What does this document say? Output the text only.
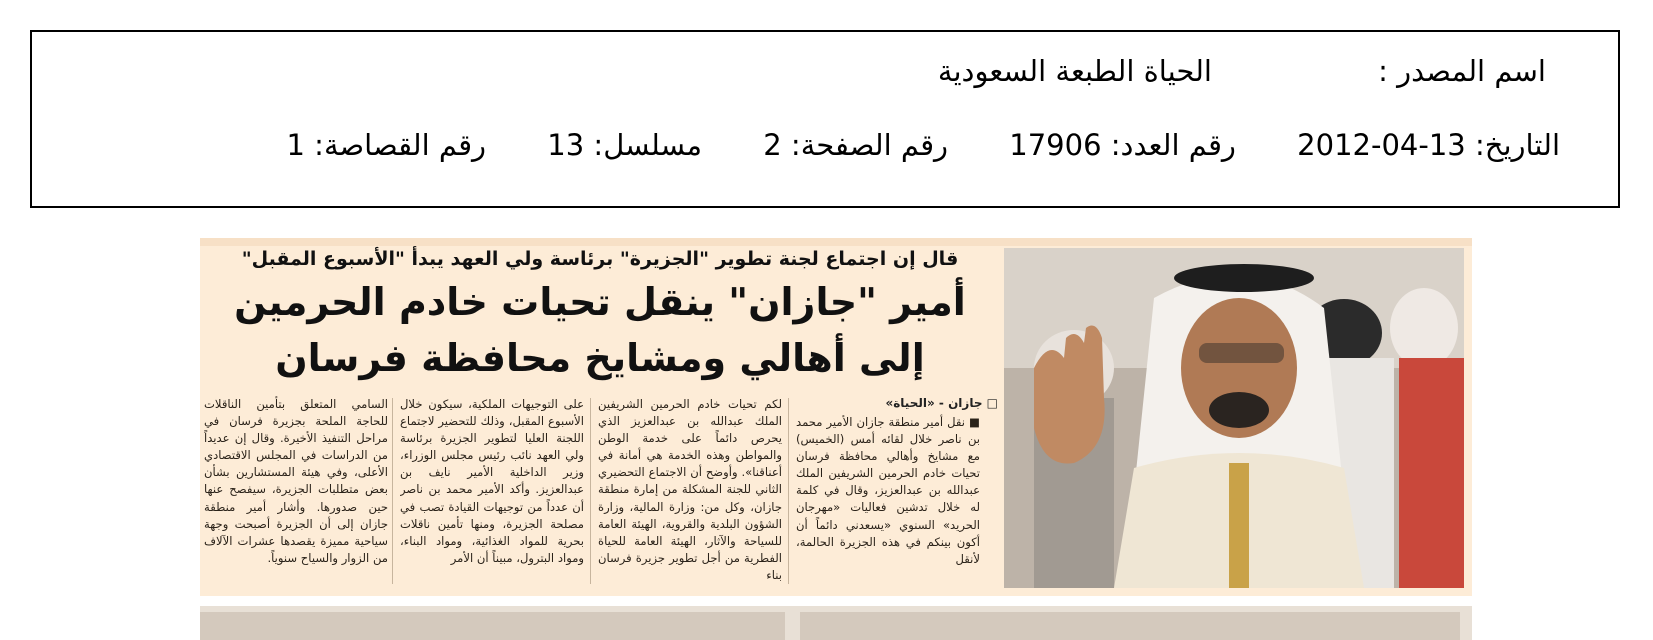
اسم المصدر :
الحياة الطبعة السعودية
التاريخ: 13-04-2012 رقم العدد: 17906 رقم الصفحة: 2 مسلسل: 13 رقم القصاصة: 1
قال إن اجتماع لجنة تطوير "الجزيرة" برئاسة ولي العهد يبدأ "الأسبوع المقبل"
أمير "جازان" ينقل تحيات خادم الحرمين
إلى أهالي ومشايخ محافظة فرسان
□ جازان - «الحياة»
■ نقل أمير منطقة جازان الأمير محمد بن ناصر خلال لقائه أمس (الخميس) مع مشايخ وأهالي محافظة فرسان تحيات خادم الحرمين الشريفين الملك عبدالله بن عبدالعزيز، وقال في كلمة له خلال تدشين فعاليات «مهرجان الحريد» السنوي «يسعدني دائماً أن أكون بينكم في هذه الجزيرة الحالمة، لأنقل
لكم تحيات خادم الحرمين الشريفين الملك عبدالله بن عبدالعزيز الذي يحرص دائماً على خدمة الوطن والمواطن وهذه الخدمة هي أمانة في أعناقنا». وأوضح أن الاجتماع التحضيري الثاني للجنة المشكلة من إمارة منطقة جازان، وكل من: وزارة المالية، وزارة الشؤون البلدية والقروية، الهيئة العامة للسياحة والآثار، الهيئة العامة للحياة الفطرية من أجل تطوير جزيرة فرسان بناء
على التوجيهات الملكية، سيكون خلال الأسبوع المقبل، وذلك للتحضير لاجتماع اللجنة العليا لتطوير الجزيرة برئاسة ولي العهد نائب رئيس مجلس الوزراء، وزير الداخلية الأمير نايف بن عبدالعزيز. وأكد الأمير محمد بن ناصر أن عدداً من توجيهات القيادة تصب في مصلحة الجزيرة، ومنها تأمين ناقلات بحرية للمواد الغذائية، ومواد البناء، ومواد البترول، مبيناً أن الأمر
السامي المتعلق بتأمين الناقلات للحاجة الملحة بجزيرة فرسان في مراحل التنفيذ الأخيرة. وقال إن عديداً من الدراسات في المجلس الاقتصادي الأعلى، وفي هيئة المستشارين بشأن بعض متطلبات الجزيرة، سيفصح عنها حين صدورها. وأشار أمير منطقة جازان إلى أن الجزيرة أصبحت وجهة سياحية مميزة يقصدها عشرات الآلاف من الزوار والسياح سنوياً.
